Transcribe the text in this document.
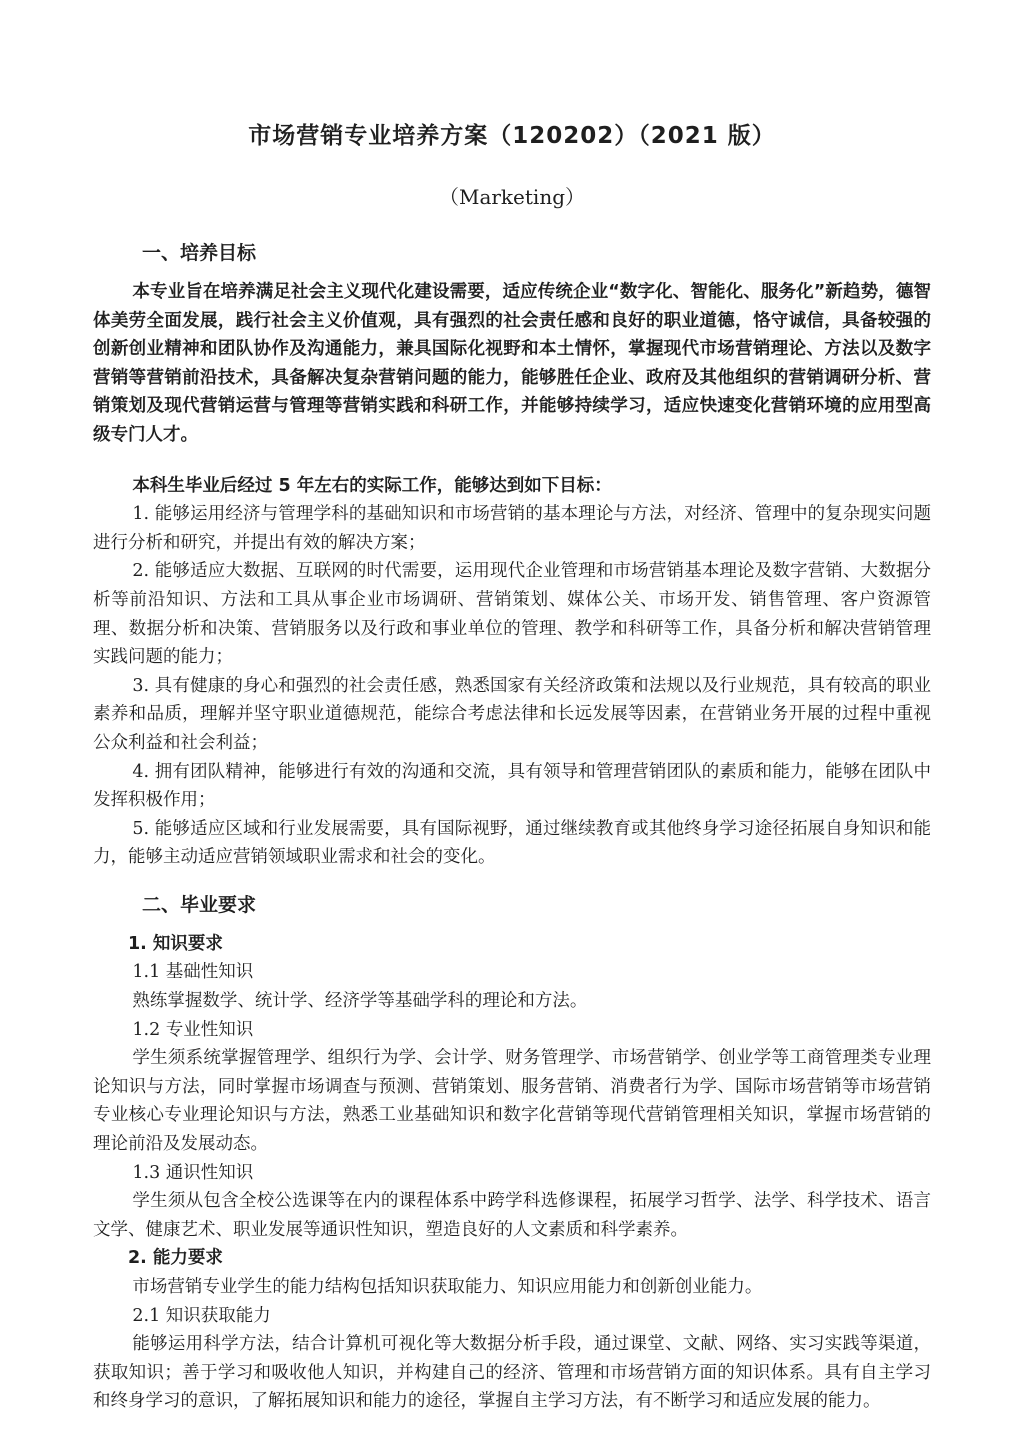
市场营销专业培养方案（120202）（2021 版）
（Marketing）
一、培养目标

本专业旨在培养满足社会主义现代化建设需要，适应传统企业“数字化、智能化、服务化”新趋势，德智体美劳全面发展，践行社会主义价值观，具有强烈的社会责任感和良好的职业道德，恪守诚信，具备较强的创新创业精神和团队协作及沟通能力，兼具国际化视野和本土情怀，掌握现代市场营销理论、方法以及数字营销等营销前沿技术，具备解决复杂营销问题的能力，能够胜任企业、政府及其他组织的营销调研分析、营销策划及现代营销运营与管理等营销实践和科研工作，并能够持续学习，适应快速变化营销环境的应用型高级专门人才。

本科生毕业后经过 5 年左右的实际工作，能够达到如下目标：

1. 能够运用经济与管理学科的基础知识和市场营销的基本理论与方法，对经济、管理中的复杂现实问题进行分析和研究，并提出有效的解决方案；

2. 能够适应大数据、互联网的时代需要，运用现代企业管理和市场营销基本理论及数字营销、大数据分析等前沿知识、方法和工具从事企业市场调研、营销策划、媒体公关、市场开发、销售管理、客户资源管理、数据分析和决策、营销服务以及行政和事业单位的管理、教学和科研等工作，具备分析和解决营销管理实践问题的能力；

3. 具有健康的身心和强烈的社会责任感，熟悉国家有关经济政策和法规以及行业规范，具有较高的职业素养和品质，理解并坚守职业道德规范，能综合考虑法律和长远发展等因素，在营销业务开展的过程中重视公众利益和社会利益；

4. 拥有团队精神，能够进行有效的沟通和交流，具有领导和管理营销团队的素质和能力，能够在团队中发挥积极作用；

5. 能够适应区域和行业发展需要，具有国际视野，通过继续教育或其他终身学习途径拓展自身知识和能力，能够主动适应营销领域职业需求和社会的变化。

二、毕业要求

1. 知识要求

1.1 基础性知识

熟练掌握数学、统计学、经济学等基础学科的理论和方法。

1.2 专业性知识

学生须系统掌握管理学、组织行为学、会计学、财务管理学、市场营销学、创业学等工商管理类专业理论知识与方法，同时掌握市场调查与预测、营销策划、服务营销、消费者行为学、国际市场营销等市场营销专业核心专业理论知识与方法，熟悉工业基础知识和数字化营销等现代营销管理相关知识，掌握市场营销的理论前沿及发展动态。

1.3 通识性知识

学生须从包含全校公选课等在内的课程体系中跨学科选修课程，拓展学习哲学、法学、科学技术、语言文学、健康艺术、职业发展等通识性知识，塑造良好的人文素质和科学素养。

2. 能力要求

市场营销专业学生的能力结构包括知识获取能力、知识应用能力和创新创业能力。

2.1 知识获取能力

能够运用科学方法，结合计算机可视化等大数据分析手段，通过课堂、文献、网络、实习实践等渠道，获取知识；善于学习和吸收他人知识，并构建自己的经济、管理和市场营销方面的知识体系。具有自主学习和终身学习的意识，了解拓展知识和能力的途径，掌握自主学习方法，有不断学习和适应发展的能力。
